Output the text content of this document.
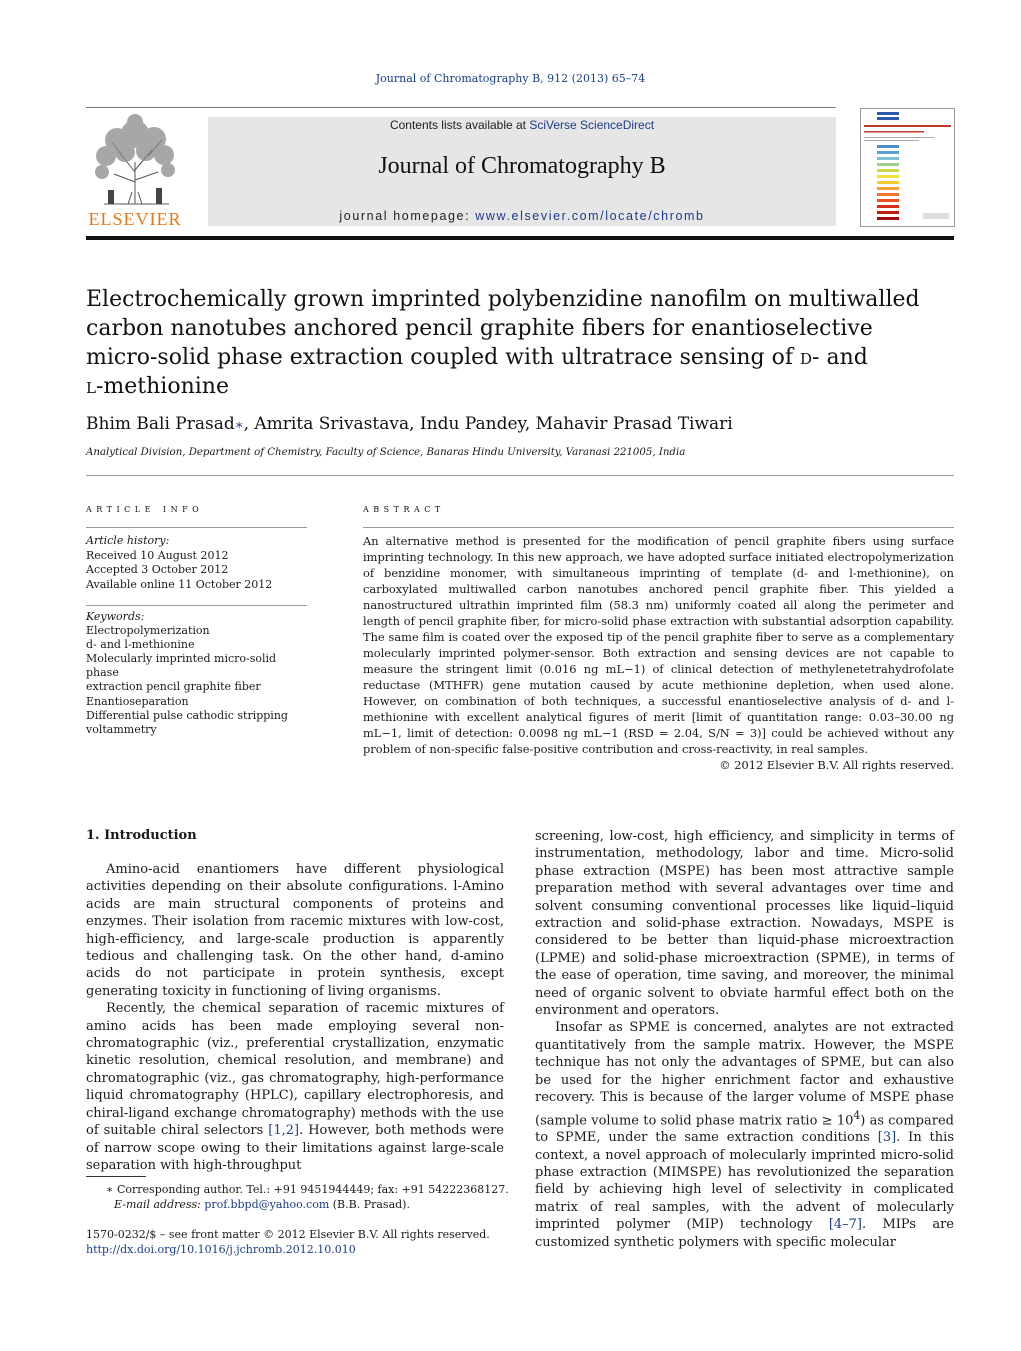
Journal of Chromatography B, 912 (2013) 65–74
ELSEVIER
Contents lists available at SciVerse ScienceDirect
Journal of Chromatography B
journal homepage: www.elsevier.com/locate/chromb
Electrochemically grown imprinted polybenzidine nanofilm on multiwalled
carbon nanotubes anchored pencil graphite fibers for enantioselective
micro-solid phase extraction coupled with ultratrace sensing of d- and
l-methionine
Bhim Bali Prasad∗, Amrita Srivastava, Indu Pandey, Mahavir Prasad Tiwari
Analytical Division, Department of Chemistry, Faculty of Science, Banaras Hindu University, Varanasi 221005, India
article info
Article history:
Received 10 August 2012
Accepted 3 October 2012
Available online 11 October 2012
Keywords:
Electropolymerization
d- and l-methionine
Molecularly imprinted micro-solid phase
extraction pencil graphite fiber
Enantioseparation
Differential pulse cathodic stripping
voltammetry
abstract
An alternative method is presented for the modification of pencil graphite fibers using surface imprinting technology. In this new approach, we have adopted surface initiated electropolymerization of benzidine monomer, with simultaneous imprinting of template (d- and l-methionine), on carboxylated multiwalled carbon nanotubes anchored pencil graphite fiber. This yielded a nanostructured ultrathin imprinted film (58.3 nm) uniformly coated all along the perimeter and length of pencil graphite fiber, for micro-solid phase extraction with substantial adsorption capability. The same film is coated over the exposed tip of the pencil graphite fiber to serve as a complementary molecularly imprinted polymer-sensor. Both extraction and sensing devices are not capable to measure the stringent limit (0.016 ng mL−1) of clinical detection of methylenetetrahydrofolate reductase (MTHFR) gene mutation caused by acute methionine depletion, when used alone. However, on combination of both techniques, a successful enantioselective analysis of d- and l-methionine with excellent analytical figures of merit [limit of quantitation range: 0.03–30.00 ng mL−1, limit of detection: 0.0098 ng mL−1 (RSD = 2.04, S/N = 3)] could be achieved without any problem of non-specific false-positive contribution and cross-reactivity, in real samples.
© 2012 Elsevier B.V. All rights reserved.
1. Introduction

Amino-acid enantiomers have different physiological activities depending on their absolute configurations. l-Amino acids are main structural components of proteins and enzymes. Their isolation from racemic mixtures with low-cost, high-efficiency, and large-scale production is apparently tedious and challenging task. On the other hand, d-amino acids do not participate in protein synthesis, except generating toxicity in functioning of living organisms.

Recently, the chemical separation of racemic mixtures of amino acids has been made employing several non-chromatographic (viz., preferential crystallization, enzymatic kinetic resolution, chemical resolution, and membrane) and chromatographic (viz., gas chromatography, high-performance liquid chromatography (HPLC), capillary electrophoresis, and chiral-ligand exchange chromatography) methods with the use of suitable chiral selectors [1,2]. However, both methods were of narrow scope owing to their limitations against large-scale separation with high-throughput

screening, low-cost, high efficiency, and simplicity in terms of instrumentation, methodology, labor and time. Micro-solid phase extraction (MSPE) has been most attractive sample preparation method with several advantages over time and solvent consuming conventional processes like liquid–liquid extraction and solid-phase extraction. Nowadays, MSPE is considered to be better than liquid-phase microextraction (LPME) and solid-phase microextraction (SPME), in terms of the ease of operation, time saving, and moreover, the minimal need of organic solvent to obviate harmful effect both on the environment and operators.

Insofar as SPME is concerned, analytes are not extracted quantitatively from the sample matrix. However, the MSPE technique has not only the advantages of SPME, but can also be used for the higher enrichment factor and exhaustive recovery. This is because of the larger volume of MSPE phase (sample volume to solid phase matrix ratio ≥ $10^4$) as compared to SPME, under the same extraction conditions [3]. In this context, a novel approach of molecularly imprinted micro-solid phase extraction (MIMSPE) has revolutionized the separation field by achieving high level of selectivity in complicated matrix of real samples, with the advent of molecularly imprinted polymer (MIP) technology [4–7]. MIPs are customized synthetic polymers with specific molecular

∗ Corresponding author. Tel.: +91 9451944449; fax: +91 54222368127.
E-mail address: prof.bbpd@yahoo.com (B.B. Prasad).
1570-0232/$ – see front matter © 2012 Elsevier B.V. All rights reserved.
http://dx.doi.org/10.1016/j.jchromb.2012.10.010
